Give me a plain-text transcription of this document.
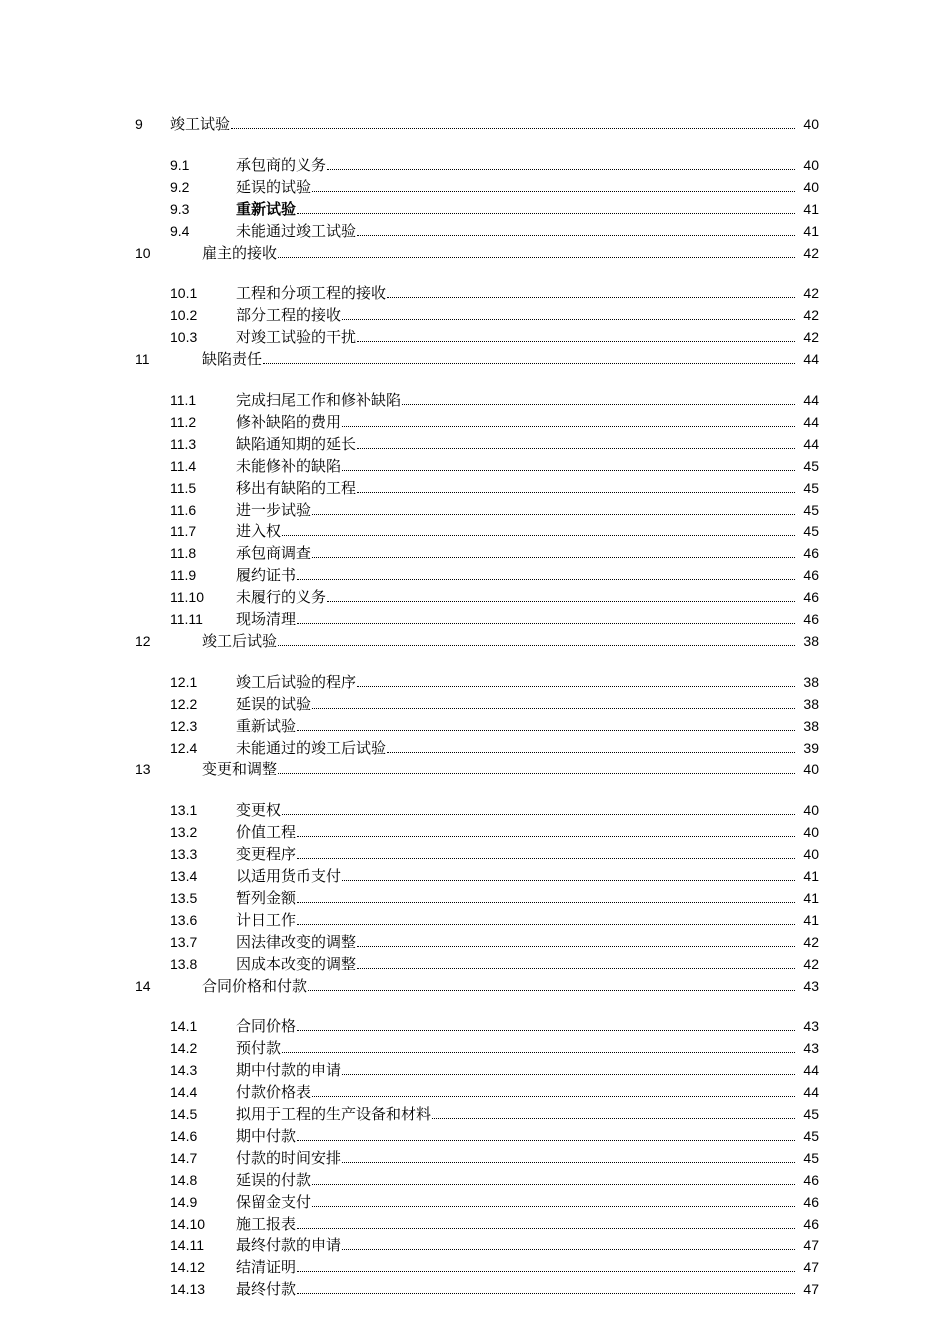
9 竣工试验	40
9.1	承包商的义务	40
9.2	延误的试验	40
9.3	重新试验	41
9.4	未能通过竣工试验	41
10	雇主的接收	42
10.1	工程和分项工程的接收	42
10.2	部分工程的接收	42
10.3	对竣工试验的干扰	42
11	缺陷责任	44
11.1	完成扫尾工作和修补缺陷	44
11.2	修补缺陷的费用	44
11.3	缺陷通知期的延长	44
11.4	未能修补的缺陷	45
11.5	移出有缺陷的工程	45
11.6	进一步试验	45
11.7	进入权	45
11.8	承包商调查	46
11.9	履约证书	46
11.10 未履行的义务	46
11.11 现场清理	46
12	竣工后试验	38
12.1	竣工后试验的程序	38
12.2	延误的试验	38
12.3	重新试验	38
12.4	未能通过的竣工后试验	39
13	变更和调整	40
13.1	变更权	40
13.2	价值工程	40
13.3	变更程序	40
13.4	以适用货币支付	41
13.5	暂列金额	41
13.6	计日工作	41
13.7	因法律改变的调整	42
13.8	因成本改变的调整	42
14	合同价格和付款	43
14.1	合同价格	43
14.2	预付款	43
14.3	期中付款的申请	44
14.4	付款价格表	44
14.5	拟用于工程的生产设备和材料	45
14.6	期中付款	45
14.7	付款的时间安排	45
14.8	延误的付款	46
14.9	保留金支付	46
14.10 施工报表	46
14.11 最终付款的申请	47
14.12 结清证明	47
14.13 最终付款	47
